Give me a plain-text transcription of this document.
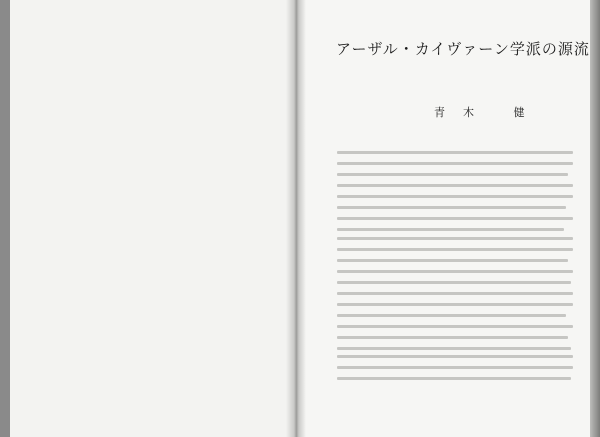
アーザル・カイヴァーン学派の源流
青木 健
